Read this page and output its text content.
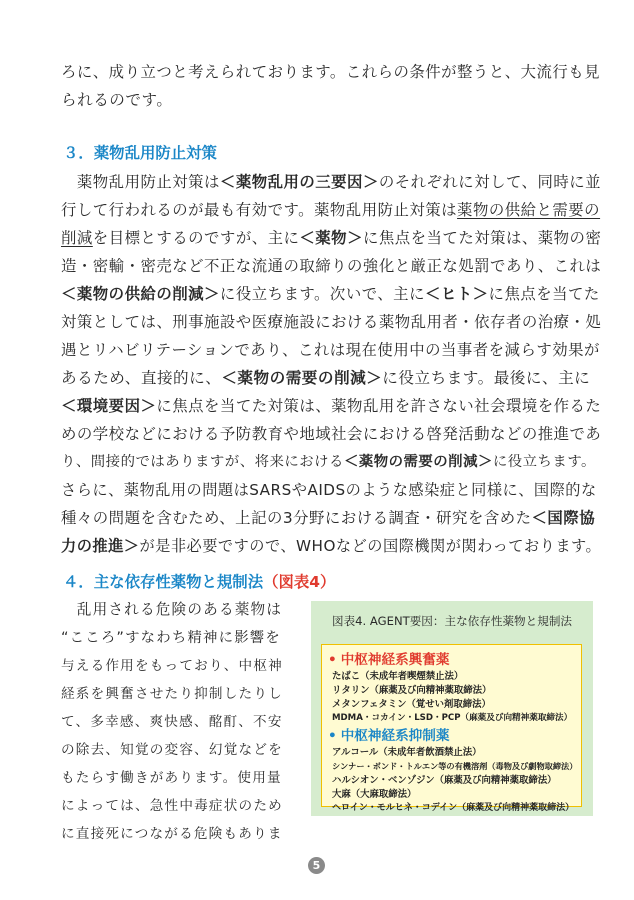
ろに、成り立つと考えられております。これらの条件が整うと、大流行も見
られるのです。
３．薬物乱用防止対策
　薬物乱用防止対策は＜薬物乱用の三要因＞のそれぞれに対して、同時に並
行して行われるのが最も有効です。薬物乱用防止対策は薬物の供給と需要の
削減を目標とするのですが、主に＜薬物＞に焦点を当てた対策は、薬物の密
造・密輸・密売など不正な流通の取締りの強化と厳正な処罰であり、これは
＜薬物の供給の削減＞に役立ちます。次いで、主に＜ヒト＞に焦点を当てた
対策としては、刑事施設や医療施設における薬物乱用者・依存者の治療・処
遇とリハビリテーションであり、これは現在使用中の当事者を減らす効果が
あるため、直接的に、＜薬物の需要の削減＞に役立ちます。最後に、主に
＜環境要因＞に焦点を当てた対策は、薬物乱用を許さない社会環境を作るた
めの学校などにおける予防教育や地域社会における啓発活動などの推進であ
り、間接的ではありますが、将来における＜薬物の需要の削減＞に役立ちます。
さらに、薬物乱用の問題はSARSやAIDSのような感染症と同様に、国際的な
種々の問題を含むため、上記の3分野における調査・研究を含めた＜国際協
力の推進＞が是非必要ですので、WHOなどの国際機関が関わっております。
４．主な依存性薬物と規制法（図表4）
　乱用される危険のある薬物は
“こころ”すなわち精神に影響を
与える作用をもっており、中枢神
経系を興奮させたり抑制したりし
て、多幸感、爽快感、酩酊、不安
の除去、知覚の変容、幻覚などを
もたらす働きがあります。使用量
によっては、急性中毒症状のため
に直接死につながる危険もありま
図表4. AGENT要因：主な依存性薬物と規制法
• 中枢神経系興奮薬
たばこ（未成年者喫煙禁止法）
リタリン（麻薬及び向精神薬取締法）
メタンフェタミン（覚せい剤取締法）
MDMA・コカイン・LSD・PCP（麻薬及び向精神薬取締法）
• 中枢神経系抑制薬
アルコール（未成年者飲酒禁止法）
シンナー・ボンド・トルエン等の有機溶剤（毒物及び劇物取締法）
ハルシオン・ベンゾジン（麻薬及び向精神薬取締法）
大麻（大麻取締法）
ヘロイン・モルヒネ・コデイン（麻薬及び向精神薬取締法）
5
